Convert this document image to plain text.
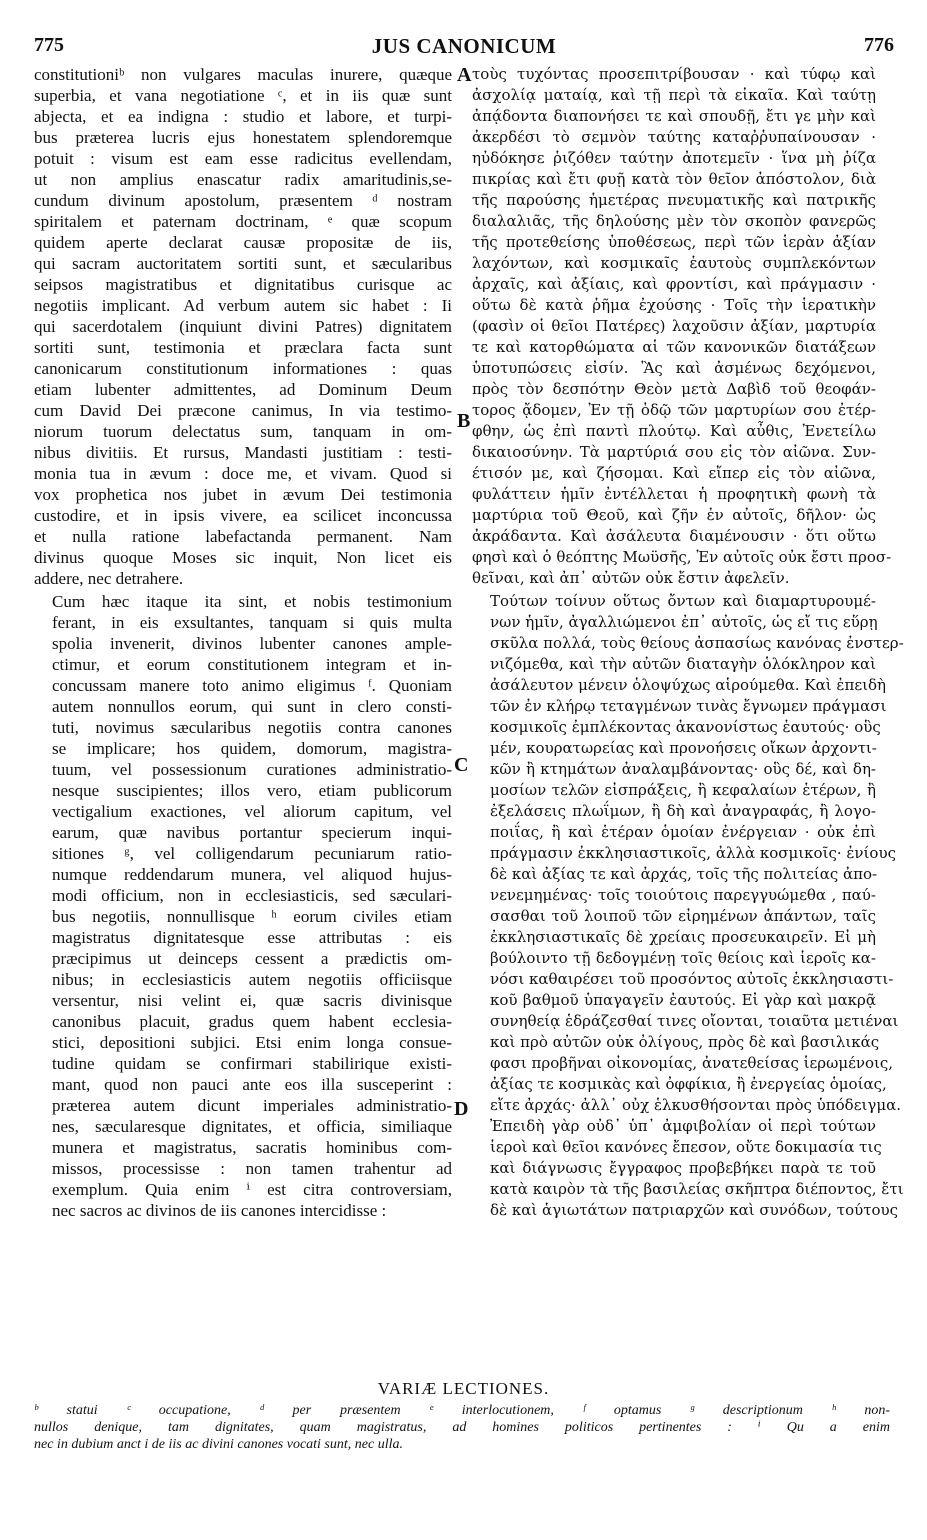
775	JUS CANONICUM	776

constitutioniᵇ non vulgares maculas inurere, quæque
superbia, et vana negotiatione ᶜ, et in iis quæ sunt
abjecta, et ea indigna : studio et labore, et turpi-
bus præterea lucris ejus honestatem splendoremque
potuit : visum est eam esse radicitus evellendam,
ut non amplius enascatur radix amaritudinis,se-
cundum divinum apostolum, præsentem ᵈ nostram
spiritalem et paternam doctrinam, ᵉ quæ scopum
quidem aperte declarat causæ propositæ de iis,
qui sacram auctoritatem sortiti sunt, et sæcularibus
seipsos magistratibus et dignitatibus curisque ac
negotiis implicant. Ad verbum autem sic habet : Ii
qui sacerdotalem (inquiunt divini Patres) dignitatem
sortiti sunt, testimonia et præclara facta sunt
canonicarum constitutionum informationes : quas
etiam lubenter admittentes, ad Dominum Deum
cum David Dei præcone canimus, In via testimo-
niorum tuorum delectatus sum, tanquam in om-
nibus divitiis. Et rursus, Mandasti justitiam : testi-
monia tua in ævum : doce me, et vivam. Quod si
vox prophetica nos jubet in ævum Dei testimonia
custodire, et in ipsis vivere, ea scilicet inconcussa
et nulla ratione labefactanda permanent. Nam
divinus quoque Moses sic inquit, Non licet eis
addere, nec detrahere.

Cum hæc itaque ita sint, et nobis testimonium
ferant, in eis exsultantes, tanquam si quis multa
spolia invenerit, divinos lubenter canones ample-
ctimur, et eorum constitutionem integram et in-
concussam manere toto animo eligimus ᶠ. Quoniam
autem nonnullos eorum, qui sunt in clero consti-
tuti, novimus sæcularibus negotiis contra canones
se implicare; hos quidem, domorum, magistra-
tuum, vel possessionum curationes administratio-
nesque suscipientes; illos vero, etiam publicorum
vectigalium exactiones, vel aliorum capitum, vel
earum, quæ navibus portantur specierum inqui-
sitiones ᵍ, vel colligendarum pecuniarum ratio-
numque reddendarum munera, vel aliquod hujus-
modi officium, non in ecclesiasticis, sed sæculari-
bus negotiis, nonnullisque ʰ eorum civiles etiam
magistratus dignitatesque esse attributas : eis
præcipimus ut deinceps cessent a prædictis om-
nibus; in ecclesiasticis autem negotiis officiisque
versentur, nisi velint ei, quæ sacris divinisque
canonibus placuit, gradus quem habent ecclesia-
stici, depositioni subjici. Etsi enim longa consue-
tudine quidam se confirmari stabilirique existi-
mant, quod non pauci ante eos illa susceperint :
præterea autem dicunt imperiales administratio-
nes, sæcularesque dignitates, et officia, similiaque
munera et magistratus, sacratis hominibus com-
missos, processisse : non tamen trahentur ad
exemplum. Quia enim ⁱ est citra controversiam,
nec sacros ac divinos de iis canones intercidisse :

A
B
C
D

τοὺς τυχόντας προσεπιτρίβουσαν · καὶ τύφῳ καὶ
ἀσχολίᾳ ματαίᾳ, καὶ τῇ περὶ τὰ εἰκαῖα. Καὶ ταύτῃ
ἀπᾴδοντα διαπονήσει τε καὶ σπουδῇ, ἔτι γε μὴν καὶ
ἀκερδέσι τὸ σεμνὸν ταύτης καταῤῥυπαίνουσαν ·
ηὐδόκησε ῥιζόθεν ταύτην ἀποτεμεῖν · ἵνα μὴ ῥίζα
πικρίας καὶ ἔτι φυῇ κατὰ τὸν θεῖον ἀπόστολον, διὰ
τῆς παρούσης ἡμετέρας πνευματικῆς καὶ πατρικῆς
διαλαλιᾶς, τῆς δηλούσης μὲν τὸν σκοπὸν φανερῶς
τῆς προτεθείσης ὑποθέσεως, περὶ τῶν ἱερὰν ἀξίαν
λαχόντων, καὶ κοσμικαῖς ἑαυτοὺς συμπλεκόντων
ἀρχαῖς, καὶ ἀξίαις, καὶ φροντίσι, καὶ πράγμασιν ·
οὕτω δὲ κατὰ ῥῆμα ἐχούσης · Τοῖς τὴν ἱερατικὴν
(φασὶν οἱ θεῖοι Πατέρες) λαχοῦσιν ἀξίαν, μαρτυρία
τε καὶ κατορθώματα αἱ τῶν κανονικῶν διατάξεων
ὑποτυπώσεις εἰσίν. Ἃς καὶ ἀσμένως δεχόμενοι,
πρὸς τὸν δεσπότην Θεὸν μετὰ Δαβὶδ τοῦ θεοφάν-
τορος ᾄδομεν, Ἐν τῇ ὁδῷ τῶν μαρτυρίων σου ἐτέρ-
φθην, ὡς ἐπὶ παντὶ πλούτῳ. Καὶ αὖθις, Ἐνετείλω
δικαιοσύνην. Τὰ μαρτύριά σου εἰς τὸν αἰῶνα. Συν-
έτισόν με, καὶ ζήσομαι. Καὶ εἴπερ εἰς τὸν αἰῶνα,
φυλάττειν ἡμῖν ἐντέλλεται ἡ προφητικὴ φωνὴ τὰ
μαρτύρια τοῦ Θεοῦ, καὶ ζῆν ἐν αὐτοῖς, δῆλον· ὡς
ἀκράδαντα. Καὶ ἀσάλευτα διαμένουσιν · ὅτι οὕτω
φησὶ καὶ ὁ θεόπτης Μωϋσῆς, Ἐν αὐτοῖς οὐκ ἔστι προσ-
θεῖναι, καὶ ἀπ᾽ αὐτῶν οὐκ ἔστιν ἀφελεῖν.

Τούτων τοίνυν οὕτως ὄντων καὶ διαμαρτυρουμέ-
νων ἡμῖν, ἀγαλλιώμενοι ἐπ᾽ αὐτοῖς, ὡς εἴ τις εὕρῃ
σκῦλα πολλά, τοὺς θείους ἀσπασίως κανόνας ἐνστερ-
νιζόμεθα, καὶ τὴν αὐτῶν διαταγὴν ὁλόκληρον καὶ
ἀσάλευτον μένειν ὁλοψύχως αἱρούμεθα. Καὶ ἐπειδὴ
τῶν ἐν κλήρῳ τεταγμένων τινὰς ἔγνωμεν πράγμασι
κοσμικοῖς ἐμπλέκοντας ἀκανονίστως ἑαυτούς· οὓς
μέν, κουρατωρείας καὶ προνοήσεις οἴκων ἀρχοντι-
κῶν ἢ κτημάτων ἀναλαμβάνοντας· οὓς δέ, καὶ δη-
μοσίων τελῶν εἰσπράξεις, ἢ κεφαλαίων ἑτέρων, ἢ
ἐξελάσεις πλωΐμων, ἢ δὴ καὶ ἀναγραφάς, ἢ λογο-
ποιΐας, ἢ καὶ ἑτέραν ὁμοίαν ἐνέργειαν · οὐκ ἐπὶ
πράγμασιν ἐκκλησιαστικοῖς, ἀλλὰ κοσμικοῖς· ἐνίους
δὲ καὶ ἀξίας τε καὶ ἀρχάς, τοῖς τῆς πολιτείας ἀπο-
νενεμημένας· τοῖς τοιούτοις παρεγγυώμεθα , παύ-
σασθαι τοῦ λοιποῦ τῶν εἰρημένων ἁπάντων, ταῖς
ἐκκλησιαστικαῖς δὲ χρείαις προσευκαιρεῖν. Εἰ μὴ
βούλοιντο τῇ δεδογμένῃ τοῖς θείοις καὶ ἱεροῖς κα-
νόσι καθαιρέσει τοῦ προσόντος αὐτοῖς ἐκκλησιαστι-
κοῦ βαθμοῦ ὑπαγαγεῖν ἑαυτούς. Εἰ γὰρ καὶ μακρᾷ
συνηθείᾳ ἑδράζεσθαί τινες οἴονται, τοιαῦτα μετιέναι
καὶ πρὸ αὐτῶν οὐκ ὀλίγους, πρὸς δὲ καὶ βασιλικάς
φασι προβῆναι οἰκονομίας, ἀνατεθείσας ἱερωμένοις,
ἀξίας τε κοσμικὰς καὶ ὀφφίκια, ἢ ἐνεργείας ὁμοίας,
εἴτε ἀρχάς· ἀλλ᾽ οὐχ ἑλκυσθήσονται πρὸς ὑπόδειγμα.
Ἐπειδὴ γὰρ οὐδ᾽ ὑπ᾽ ἀμφιβολίαν οἱ περὶ τούτων
ἱεροὶ καὶ θεῖοι κανόνες ἔπεσον, οὔτε δοκιμασία τις
καὶ διάγνωσις ἔγγραφος προβεβήκει παρὰ τε τοῦ
κατὰ καιρὸν τὰ τῆς βασιλείας σκῆπτρα διέποντος, ἔτι
δὲ καὶ ἁγιωτάτων πατριαρχῶν καὶ συνόδων, τούτους

VARIÆ LECTIONES.
ᵇ statui ᶜ occupatione, ᵈ per præsentem ᵉ interlocutionem, ᶠ optamus ᵍ descriptionum ʰ non-
nullos denique, tam dignitates, quam magistratus, ad homines politicos pertinentes : ⁱ Qu a enim
nec in dubium anct i de iis ac divini canones vocati sunt, nec ulla.
